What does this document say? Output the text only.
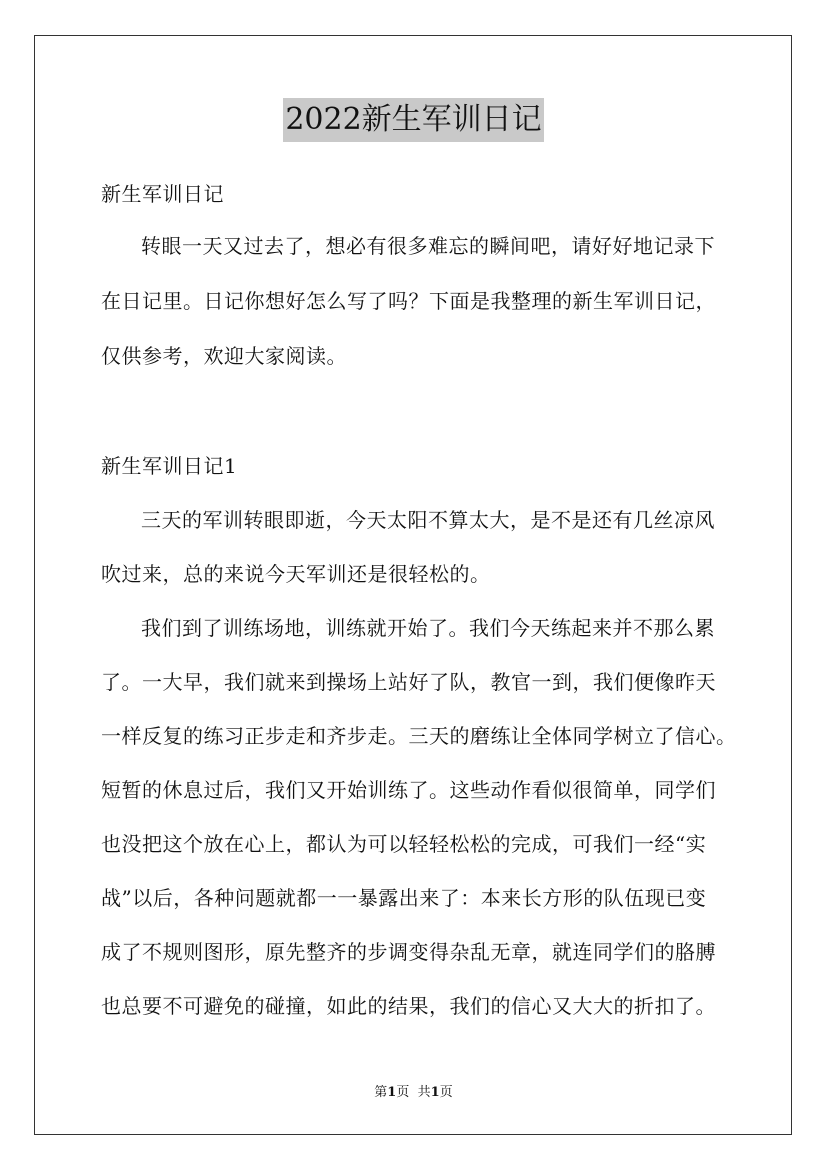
2022新生军训日记
新生军训日记
转眼一天又过去了，想必有很多难忘的瞬间吧，请好好地记录下
在日记里。日记你想好怎么写了吗？下面是我整理的新生军训日记，
仅供参考，欢迎大家阅读。
新生军训日记1
三天的军训转眼即逝，今天太阳不算太大，是不是还有几丝凉风
吹过来，总的来说今天军训还是很轻松的。
我们到了训练场地，训练就开始了。我们今天练起来并不那么累
了。一大早，我们就来到操场上站好了队，教官一到，我们便像昨天
一样反复的练习正步走和齐步走。三天的磨练让全体同学树立了信心。
短暂的休息过后，我们又开始训练了。这些动作看似很简单，同学们
也没把这个放在心上，都认为可以轻轻松松的完成，可我们一经“实
战”以后，各种问题就都一一暴露出来了：本来长方形的队伍现已变
成了不规则图形，原先整齐的步调变得杂乱无章，就连同学们的胳膊
也总要不可避免的碰撞，如此的结果，我们的信心又大大的折扣了。
第1页 共1页
